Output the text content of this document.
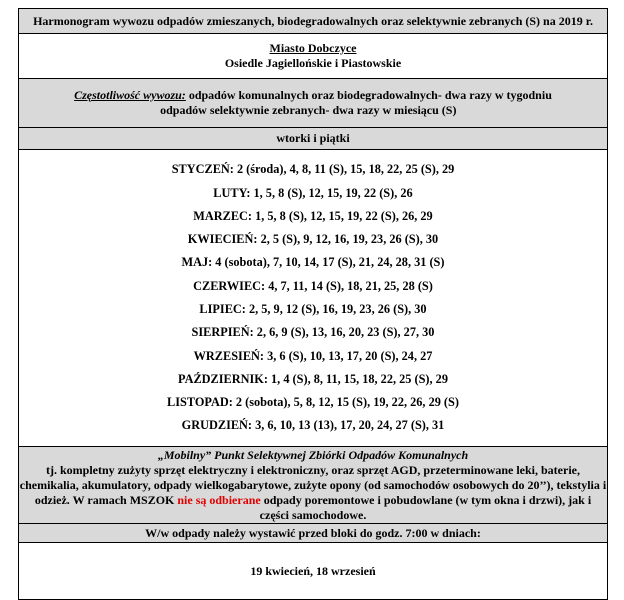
Harmonogram wywozu odpadów zmieszanych, biodegradowalnych oraz selektywnie zebranych (S) na 2019 r.

Miasto Dobczyce
Osiedle Jagiellońskie i Piastowskie
Częstotliwość wywozu: odpadów komunalnych oraz biodegradowalnych- dwa razy w tygodniu
odpadów selektywnie zebranych- dwa razy w miesiącu (S)

wtorki i piątki

STYCZEŃ: 2 (środa), 4, 8, 11 (S), 15, 18, 22, 25 (S), 29
LUTY: 1, 5, 8 (S), 12, 15, 19, 22 (S), 26
MARZEC: 1, 5, 8 (S), 12, 15, 19, 22 (S), 26, 29
KWIECIEŃ: 2, 5 (S), 9, 12, 16, 19, 23, 26 (S), 30
MAJ: 4 (sobota), 7, 10, 14, 17 (S), 21, 24, 28, 31 (S)
CZERWIEC: 4, 7, 11, 14 (S), 18, 21, 25, 28 (S)
LIPIEC: 2, 5, 9, 12 (S), 16, 19, 23, 26 (S), 30
SIERPIEŃ: 2, 6, 9 (S), 13, 16, 20, 23 (S), 27, 30
WRZESIEŃ: 3, 6 (S), 10, 13, 17, 20 (S), 24, 27
PAŹDZIERNIK: 1, 4 (S), 8, 11, 15, 18, 22, 25 (S), 29
LISTOPAD: 2 (sobota), 5, 8, 12, 15 (S), 19, 22, 26, 29 (S)
GRUDZIEŃ: 3, 6, 10, 13 (13), 17, 20, 24, 27 (S), 31

„Mobilny” Punkt Selektywnej Zbiórki Odpadów Komunalnych
tj. kompletny zużyty sprzęt elektryczny i elektroniczny, oraz sprzęt AGD, przeterminowane leki, baterie, chemikalia, akumulatory, odpady wielkogabarytowe, zużyte opony (od samochodów osobowych do 20’’), tekstylia i odzież. W ramach MSZOK nie są odbierane odpady poremontowe i pobudowlane (w tym okna i drzwi), jak i części samochodowe.
W/w odpady należy wystawić przed bloki do godz. 7:00 w dniach:
19 kwiecień, 18 wrzesień
